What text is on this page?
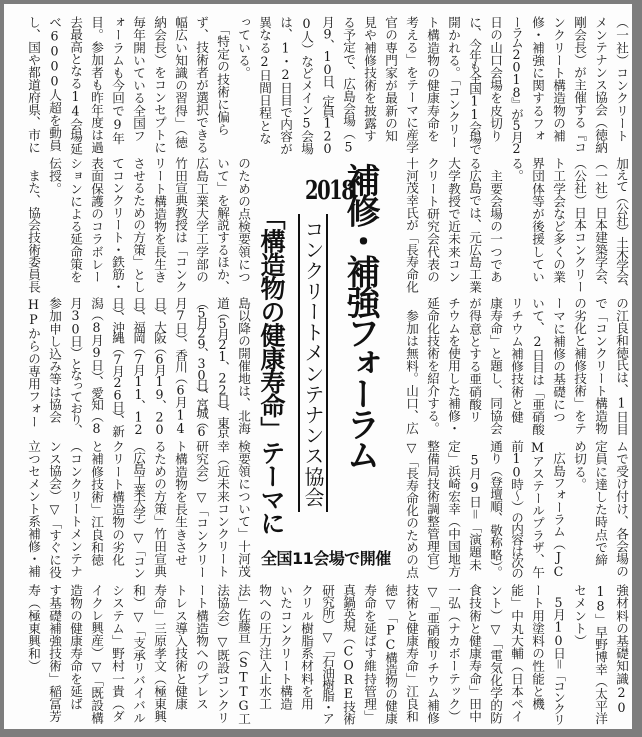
（一社）コンクリート
メンテナンス協会（徳納
剛会長）が主催する『コ
ンクリート構造物の補
修・補強に関するフォ
ーラム2018』が5月2
日の山口会場を皮切り
に、今年も全国11会場で
開かれる。「コンクリー
ト構造物の健康寿命を
考える」をテーマに産学
官の専門家が最新の知
見や補修技術を披露す
る予定で、広島会場（5
月9、10日、定員120
0人）などメイン5会場
は、1・2日目で内容が
異なる2日間日程とな
っている。
　「特定の技術に偏ら
ず、技術者が選択できる
幅広い知識の習得」（徳
納会長）をコンセプトに
毎年開いている全国フ
ォーラムも今回で9年
目。参加者も昨年度は過
去最高となる14会場延
べ6000人超を動員
し、国や都道府県、市に
加えて（公社）土木学会、
（一社）日本建築学会、
（公社）日本コンクリー
ト工学会など多くの業
界団体等が後援してい
る。
　主要会場の一つであ
る広島では、元広島工業
大学教授で近未来コン
クリート研究会代表の
十河茂幸氏が「長寿命化
のための点検要領につ
いて」を解説するほか、
広島工業大学工学部の
竹田宣典教授は「コンク
リート構造物を長生き
させるための方策」とし
てコンクリート・鉄筋・
表面保護のコラボレー
ションによる延命策を
伝授。
　また、協会技術委員長
の江良和徳氏は、1日目
で「コンクリート構造物
の劣化と補修技術」をテ
ーマに補修の基礎につ
いて、2日目は「亜硝酸
リチウム補修技術と健
康寿命」と題し、同協会
が得意とする亜硝酸リ
チウムを使用した補修・
延命化技術を紹介する。
　参加は無料。山口、広
島以降の開催地は、北海
道（5月21、22日）、東京
（5月29、30日）、宮城（6
月7日）、香川（6月14
日）、大阪（6月19、20
日）、福岡（7月11、12
日）、沖縄（7月26日）、新
潟（8月9日）、愛知（8
月30日）となっており、
参加申し込み等は協会
HPからの専用フォー
ムで受け付け、各会場の
定員に達した時点で締
め切る。
　広島フォーラム（JC
Mアステールプラザ、午
前10時～）の内容は次の
通り（登壇順、敬称略）。
　5月9日＝「演題未
定」浜崎宏幸（中国地方
整備局技術調整管理官）
▽「長寿命化のための点
検要領について」十河茂
幸（近未来コンクリート
研究会）▽「コンクリー
ト構造物を長生きさせ
るための方策」竹田宣典
（広島工業大学）▽「コン
クリート構造物の劣化
と補修技術」江良和徳
（コンクリートメンテナ
ンス協会）▽「すぐに役
立つセメント系補修・補
強材料の基礎知識20
18」早野博幸（太平洋
セメント）
　5月10日＝「コンクリ
ート用塗料の性能と機
能」中丸大輔（日本ペイ
ント）▽「電気化学的防
食技術と健康寿命」田中
一弘（ナカボーテック）
▽「亜硝酸リチウム補修
技術と健康寿命」江良和
徳▽「PC構造物の健康
寿命を延ばす維持管理」
真鍋英規（CORE技術
研究所）▽「石油樹脂・ア
クリル樹脂系材料を用
いたコンクリート構造
物への圧力注入止水工
法」佐藤亘（STTG工
法協会）▽既設コンクリ
ート構造物へのプレス
トレス導入技術と健康
寿命」三原孝文（極東興
和）▽「支承リバイバル
システム」野村一貴（ダ
イクレ興産）▽「既設構
造物の健康寿命を延ば
す基礎補強技術」稲冨芳
寿（極東興和）
補修・補強フォーラム
2018
コンクリートメンテナンス協会
「構造物の健康寿命」テーマに
全国11会場で開催
